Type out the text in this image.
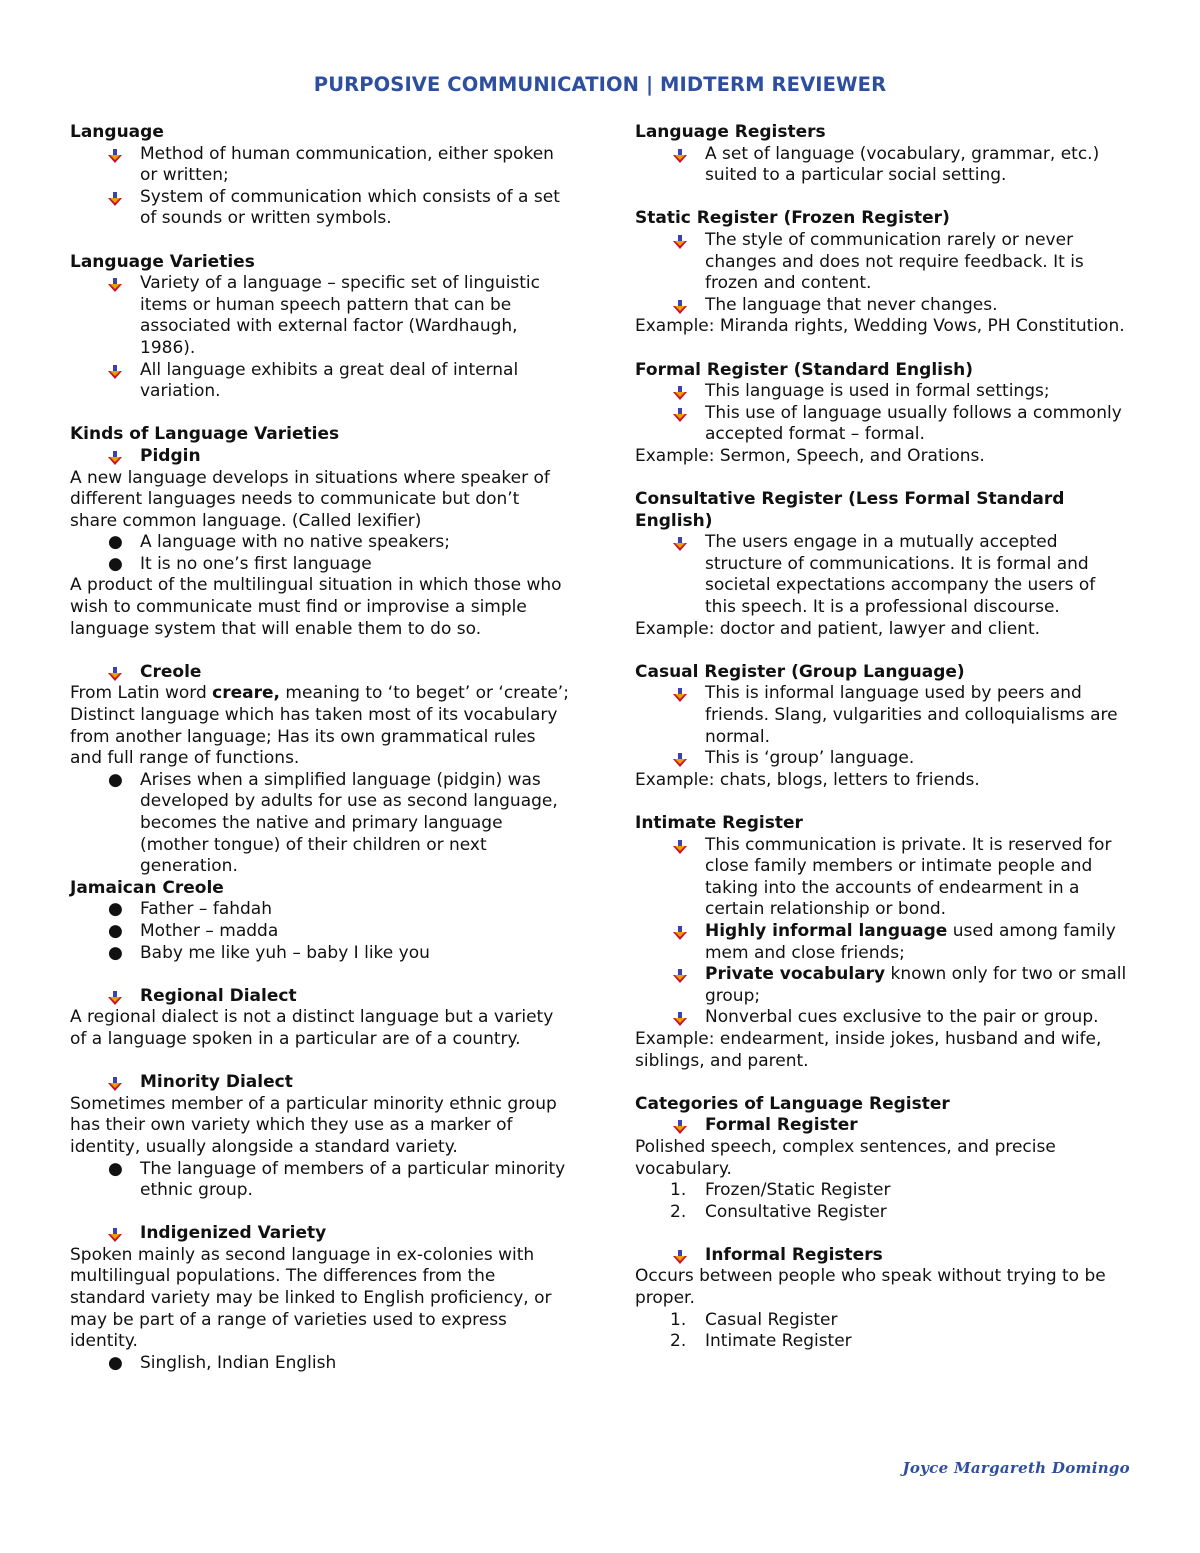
PURPOSIVE COMMUNICATION | MIDTERM REVIEWER
Language
Method of human communication, either spoken or written;
System of communication which consists of a set of sounds or written symbols.
Language Varieties
Variety of a language – specific set of linguistic items or human speech pattern that can be associated with external factor (Wardhaugh, 1986).
All language exhibits a great deal of internal variation.
Kinds of Language Varieties
Pidgin

A new language develops in situations where speaker of different languages needs to communicate but don’t share common language. (Called lexifier)

● A language with no native speakers;
● It is no one’s first language

A product of the multilingual situation in which those who wish to communicate must find or improvise a simple language system that will enable them to do so.

Creole

From Latin word creare, meaning to ‘to beget’ or ‘create’; Distinct language which has taken most of its vocabulary from another language; Has its own grammatical rules and full range of functions.

● Arises when a simplified language (pidgin) was developed by adults for use as second language, becomes the native and primary language (mother tongue) of their children or next generation.
Jamaican Creole
● Father – fahdah
● Mother – madda
● Baby me like yuh – baby I like you
Regional Dialect

A regional dialect is not a distinct language but a variety of a language spoken in a particular are of a country.

Minority Dialect

Sometimes member of a particular minority ethnic group has their own variety which they use as a marker of identity, usually alongside a standard variety.

● The language of members of a particular minority ethnic group.
Indigenized Variety

Spoken mainly as second language in ex-colonies with multilingual populations. The differences from the standard variety may be linked to English proficiency, or may be part of a range of varieties used to express identity.

● Singlish, Indian English
Language Registers
A set of language (vocabulary, grammar, etc.) suited to a particular social setting.
Static Register (Frozen Register)
The style of communication rarely or never changes and does not require feedback. It is frozen and content.
The language that never changes.

Example: Miranda rights, Wedding Vows, PH Constitution.

Formal Register (Standard English)
This language is used in formal settings;
This use of language usually follows a commonly accepted format – formal.

Example: Sermon, Speech, and Orations.

Consultative Register (Less Formal Standard English)
The users engage in a mutually accepted structure of communications. It is formal and societal expectations accompany the users of this speech. It is a professional discourse.

Example: doctor and patient, lawyer and client.

Casual Register (Group Language)
This is informal language used by peers and friends. Slang, vulgarities and colloquialisms are normal.
This is ‘group’ language.

Example: chats, blogs, letters to friends.

Intimate Register
This communication is private. It is reserved for close family members or intimate people and taking into the accounts of endearment in a certain relationship or bond.
Highly informal language used among family mem and close friends;
Private vocabulary known only for two or small group;
Nonverbal cues exclusive to the pair or group.

Example: endearment, inside jokes, husband and wife, siblings, and parent.

Categories of Language Register
Formal Register

Polished speech, complex sentences, and precise vocabulary.

1. Frozen/Static Register
2. Consultative Register
Informal Registers

Occurs between people who speak without trying to be proper.

1. Casual Register
2. Intimate Register
Joyce Margareth Domingo
